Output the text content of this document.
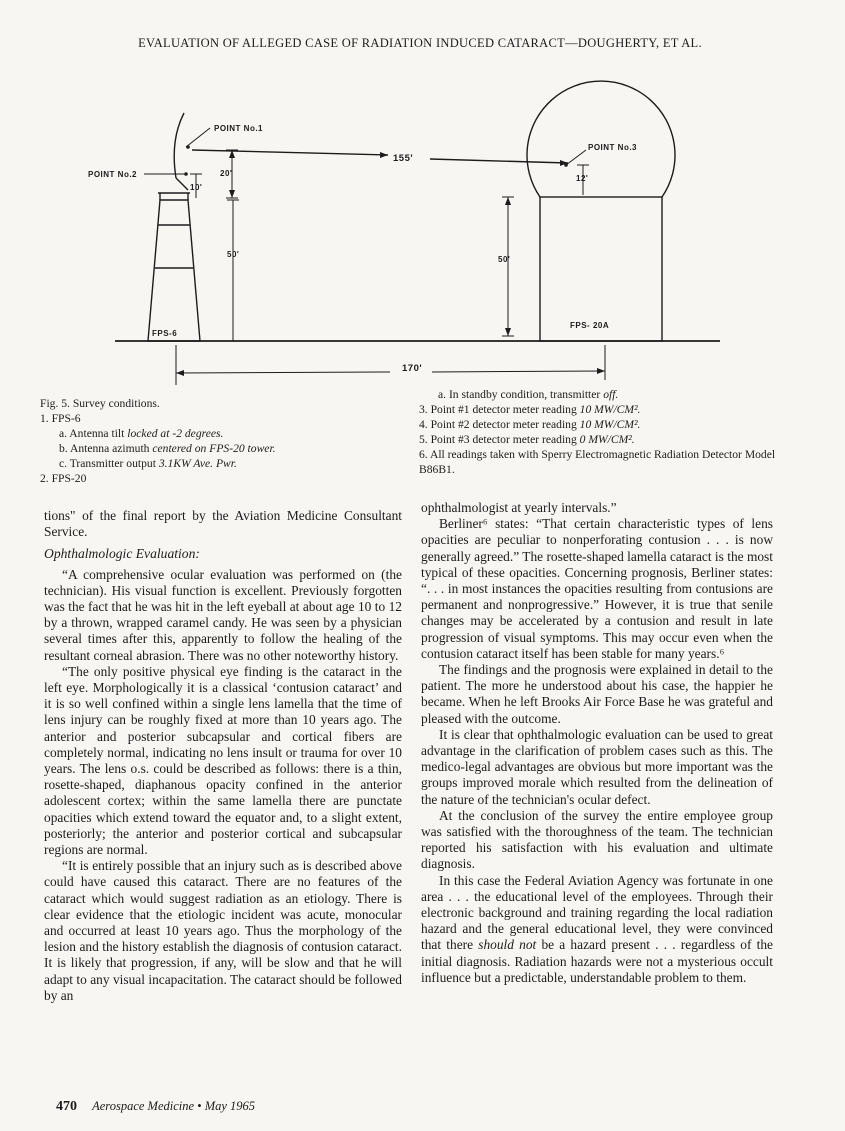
EVALUATION OF ALLEGED CASE OF RADIATION INDUCED CATARACT—DOUGHERTY, ET AL.
POINT No.1
POINT No.2
POINT No.3
155'
20'
10'
12'
50'
50'
170'
FPS-6
FPS- 20A

Fig. 5. Survey conditions.

1. FPS-6

a. Antenna tilt locked at -2 degrees.

b. Antenna azimuth centered on FPS-20 tower.

c. Transmitter output 3.1KW Ave. Pwr.

2. FPS-20

a. In standby condition, transmitter off.

3. Point #1 detector meter reading 10 MW/CM².

4. Point #2 detector meter reading 10 MW/CM².

5. Point #3 detector meter reading 0 MW/CM².

6. All readings taken with Sperry Electromagnetic Radiation Detector Model B86B1.

tions" of the final report by the Aviation Medicine Consultant Service.

Ophthalmologic Evaluation:

“A comprehensive ocular evaluation was performed on (the technician). His visual function is excellent. Previously forgotten was the fact that he was hit in the left eyeball at about age 10 to 12 by a thrown, wrapped caramel candy. He was seen by a physician several times after this, apparently to follow the healing of the resultant corneal abrasion. There was no other noteworthy history.

“The only positive physical eye finding is the cataract in the left eye. Morphologically it is a classical ‘contusion cataract’ and it is so well confined within a single lens lamella that the time of lens injury can be roughly fixed at more than 10 years ago. The anterior and posterior subcapsular and cortical fibers are completely normal, indicating no lens insult or trauma for over 10 years. The lens o.s. could be described as follows: there is a thin, rosette-shaped, diaphanous opacity confined in the anterior adolescent cortex; within the same lamella there are punctate opacities which extend toward the equator and, to a slight extent, posteriorly; the anterior and posterior cortical and subcapsular regions are normal.

“It is entirely possible that an injury such as is described above could have caused this cataract. There are no features of the cataract which would suggest radiation as an etiology. There is clear evidence that the etiologic incident was acute, monocular and occurred at least 10 years ago. Thus the morphology of the lesion and the history establish the diagnosis of contusion cataract. It is likely that progression, if any, will be slow and that he will adapt to any visual incapacitation. The cataract should be followed by an

ophthalmologist at yearly intervals.”

Berliner⁶ states: “That certain characteristic types of lens opacities are peculiar to nonperforating contusion . . . is now generally agreed.” The rosette-shaped lamella cataract is the most typical of these opacities. Concerning prognosis, Berliner states: “. . . in most instances the opacities resulting from contusions are permanent and nonprogressive.” However, it is true that senile changes may be accelerated by a contusion and result in late progression of visual symptoms. This may occur even when the contusion cataract itself has been stable for many years.⁶

The findings and the prognosis were explained in detail to the patient. The more he understood about his case, the happier he became. When he left Brooks Air Force Base he was grateful and pleased with the outcome.

It is clear that ophthalmologic evaluation can be used to great advantage in the clarification of problem cases such as this. The medico-legal advantages are obvious but more important was the groups improved morale which resulted from the delineation of the nature of the technician's ocular defect.

At the conclusion of the survey the entire employee group was satisfied with the thoroughness of the team. The technician reported his satisfaction with his evaluation and ultimate diagnosis.

In this case the Federal Aviation Agency was fortunate in one area . . . the educational level of the employees. Through their electronic background and training regarding the local radiation hazard and the general educational level, they were convinced that there should not be a hazard present . . . regardless of the initial diagnosis. Radiation hazards were not a mysterious occult influence but a predictable, understandable problem to them.

470 Aerospace Medicine • May 1965
